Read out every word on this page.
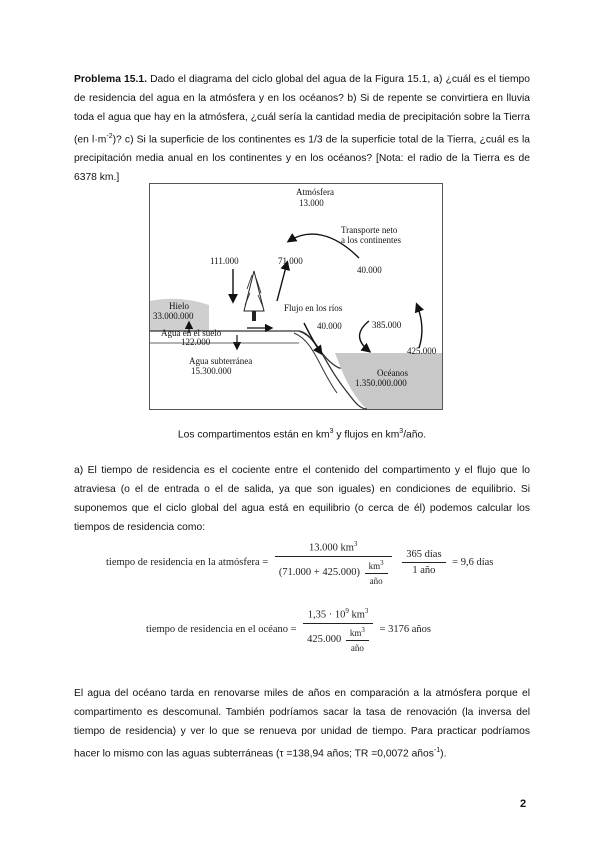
Problema 15.1. Dado el diagrama del ciclo global del agua de la Figura 15.1, a) ¿cuál es el tiempo de residencia del agua en la atmósfera y en los océanos? b) Si de repente se convirtiera en lluvia toda el agua que hay en la atmósfera, ¿cuál sería la cantidad media de precipitación sobre la Tierra (en $l\cdot m^{-2}$)? c) Si la superficie de los continentes es 1/3 de la superficie total de la Tierra, ¿cuál es la precipitación media anual en los continentes y en los océanos? [Nota: el radio de la Tierra es de 6378 km.]
Atmósfera
13.000
Transporte neto
a los continentes
40.000
111.000	71.000
Hielo
33.000.000
Flujo en los ríos
40.000
Agua en el suelo
122.000
Agua subterránea
15.300.000
385.000
425.000
Océanos
1.350.000.000
Los compartimentos están en $km^3$ y flujos en $km^3$/año.
a) El tiempo de residencia es el cociente entre el contenido del compartimento y el flujo que lo atraviesa (o el de entrada o el de salida, ya que son iguales) en condiciones de equilibrio. Si suponemos que el ciclo global del agua está en equilibrio (o cerca de él) podemos calcular los tiempos de residencia como:
tiempo de residencia en la atmósfera = $\frac{13.000 km^3}{(71.000 + 425.000) \frac{km^3}{\text{año}}}$
$\frac{\text{365 días}}{\text{1 año}} = 9,6$ días
tiempo de residencia en el océano = $\frac{1,35 \cdot 10^9 km^3}{425.000 \frac{km^3}{\text{año}}} = 3176$ años
El agua del océano tarda en renovarse miles de años en comparación a la atmósfera porque el compartimento es descomunal. También podríamos sacar la tasa de renovación (la inversa del tiempo de residencia) y ver lo que se renueva por unidad de tiempo. Para practicar podríamos hacer lo mismo con las aguas subterráneas (τ =138,94 años; TR =0,0072 años$^{-1}$).
2
